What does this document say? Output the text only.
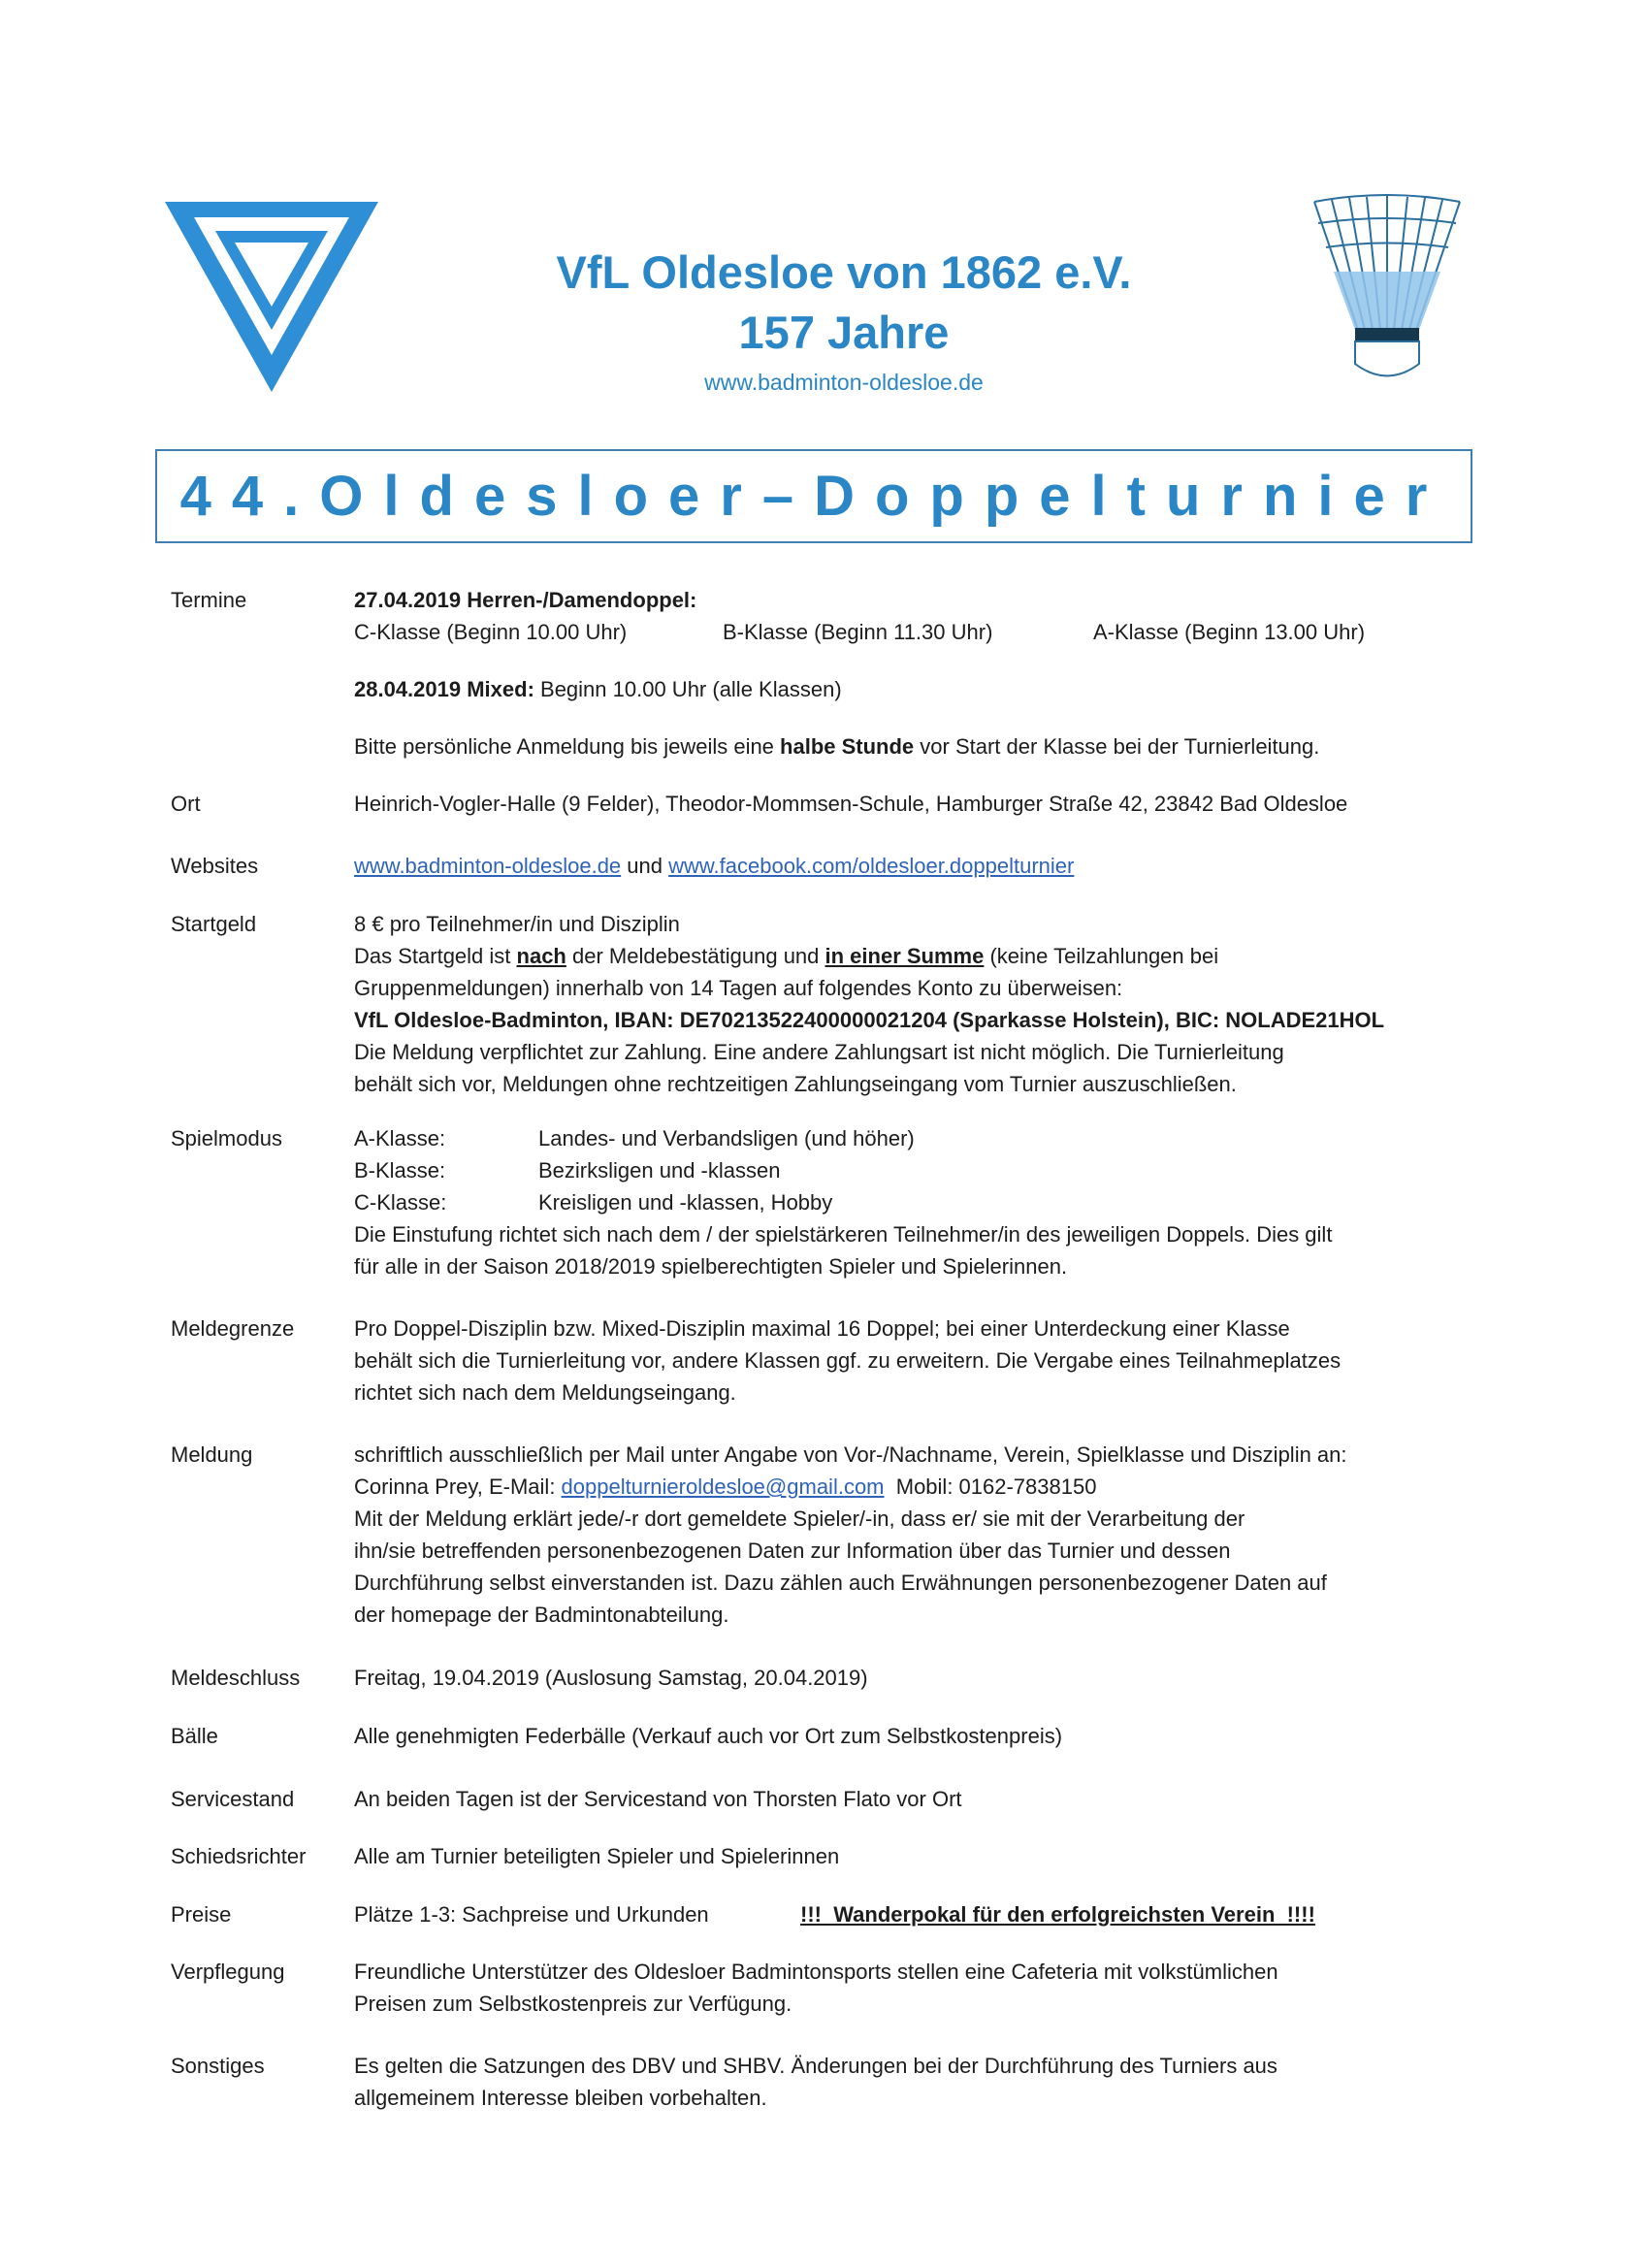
VfL Oldesloe von 1862 e.V.
157 Jahre
www.badminton-oldesloe.de
44.Oldesloer–Doppelturnier
Termine	27.04.2019 Herren-/Damendoppel:
C-Klasse (Beginn 10.00 Uhr)	B-Klasse (Beginn 11.30 Uhr)	A-Klasse (Beginn 13.00 Uhr)
28.04.2019 Mixed: Beginn 10.00 Uhr (alle Klassen)
Bitte persönliche Anmeldung bis jeweils eine halbe Stunde vor Start der Klasse bei der Turnierleitung.
Ort	Heinrich-Vogler-Halle (9 Felder), Theodor-Mommsen-Schule, Hamburger Straße 42, 23842 Bad Oldesloe
Websites	www.badminton-oldesloe.de und www.facebook.com/oldesloer.doppelturnier
Startgeld	8 € pro Teilnehmer/in und Disziplin
Das Startgeld ist nach der Meldebestätigung und in einer Summe (keine Teilzahlungen bei
Gruppenmeldungen) innerhalb von 14 Tagen auf folgendes Konto zu überweisen:
VfL Oldesloe-Badminton, IBAN: DE70213522400000021204 (Sparkasse Holstein), BIC: NOLADE21HOL
Die Meldung verpflichtet zur Zahlung. Eine andere Zahlungsart ist nicht möglich. Die Turnierleitung
behält sich vor, Meldungen ohne rechtzeitigen Zahlungseingang vom Turnier auszuschließen.
Spielmodus	A-Klasse:	Landes- und Verbandsligen (und höher)
B-Klasse:	Bezirksligen und -klassen
C-Klasse:	Kreisligen und -klassen, Hobby
Die Einstufung richtet sich nach dem / der spielstärkeren Teilnehmer/in des jeweiligen Doppels. Dies gilt
für alle in der Saison 2018/2019 spielberechtigten Spieler und Spielerinnen.
Meldegrenze	Pro Doppel-Disziplin bzw. Mixed-Disziplin maximal 16 Doppel; bei einer Unterdeckung einer Klasse
behält sich die Turnierleitung vor, andere Klassen ggf. zu erweitern. Die Vergabe eines Teilnahmeplatzes
richtet sich nach dem Meldungseingang.
Meldung	schriftlich ausschließlich per Mail unter Angabe von Vor-/Nachname, Verein, Spielklasse und Disziplin an:
Corinna Prey, E-Mail: doppelturnieroldesloe@gmail.com  Mobil: 0162-7838150
Mit der Meldung erklärt jede/-r dort gemeldete Spieler/-in, dass er/ sie mit der Verarbeitung der
ihn/sie betreffenden personenbezogenen Daten zur Information über das Turnier und dessen
Durchführung selbst einverstanden ist. Dazu zählen auch Erwähnungen personenbezogener Daten auf
der homepage der Badmintonabteilung.
Meldeschluss	Freitag, 19.04.2019 (Auslosung Samstag, 20.04.2019)
Bälle	Alle genehmigten Federbälle (Verkauf auch vor Ort zum Selbstkostenpreis)
Servicestand	An beiden Tagen ist der Servicestand von Thorsten Flato vor Ort
Schiedsrichter Alle am Turnier beteiligten Spieler und Spielerinnen
Preise	Plätze 1-3: Sachpreise und Urkunden	!!!  Wanderpokal für den erfolgreichsten Verein  !!!!
Verpflegung	Freundliche Unterstützer des Oldesloer Badmintonsports stellen eine Cafeteria mit volkstümlichen
Preisen zum Selbstkostenpreis zur Verfügung.
Sonstiges	Es gelten die Satzungen des DBV und SHBV. Änderungen bei der Durchführung des Turniers aus
allgemeinem Interesse bleiben vorbehalten.
